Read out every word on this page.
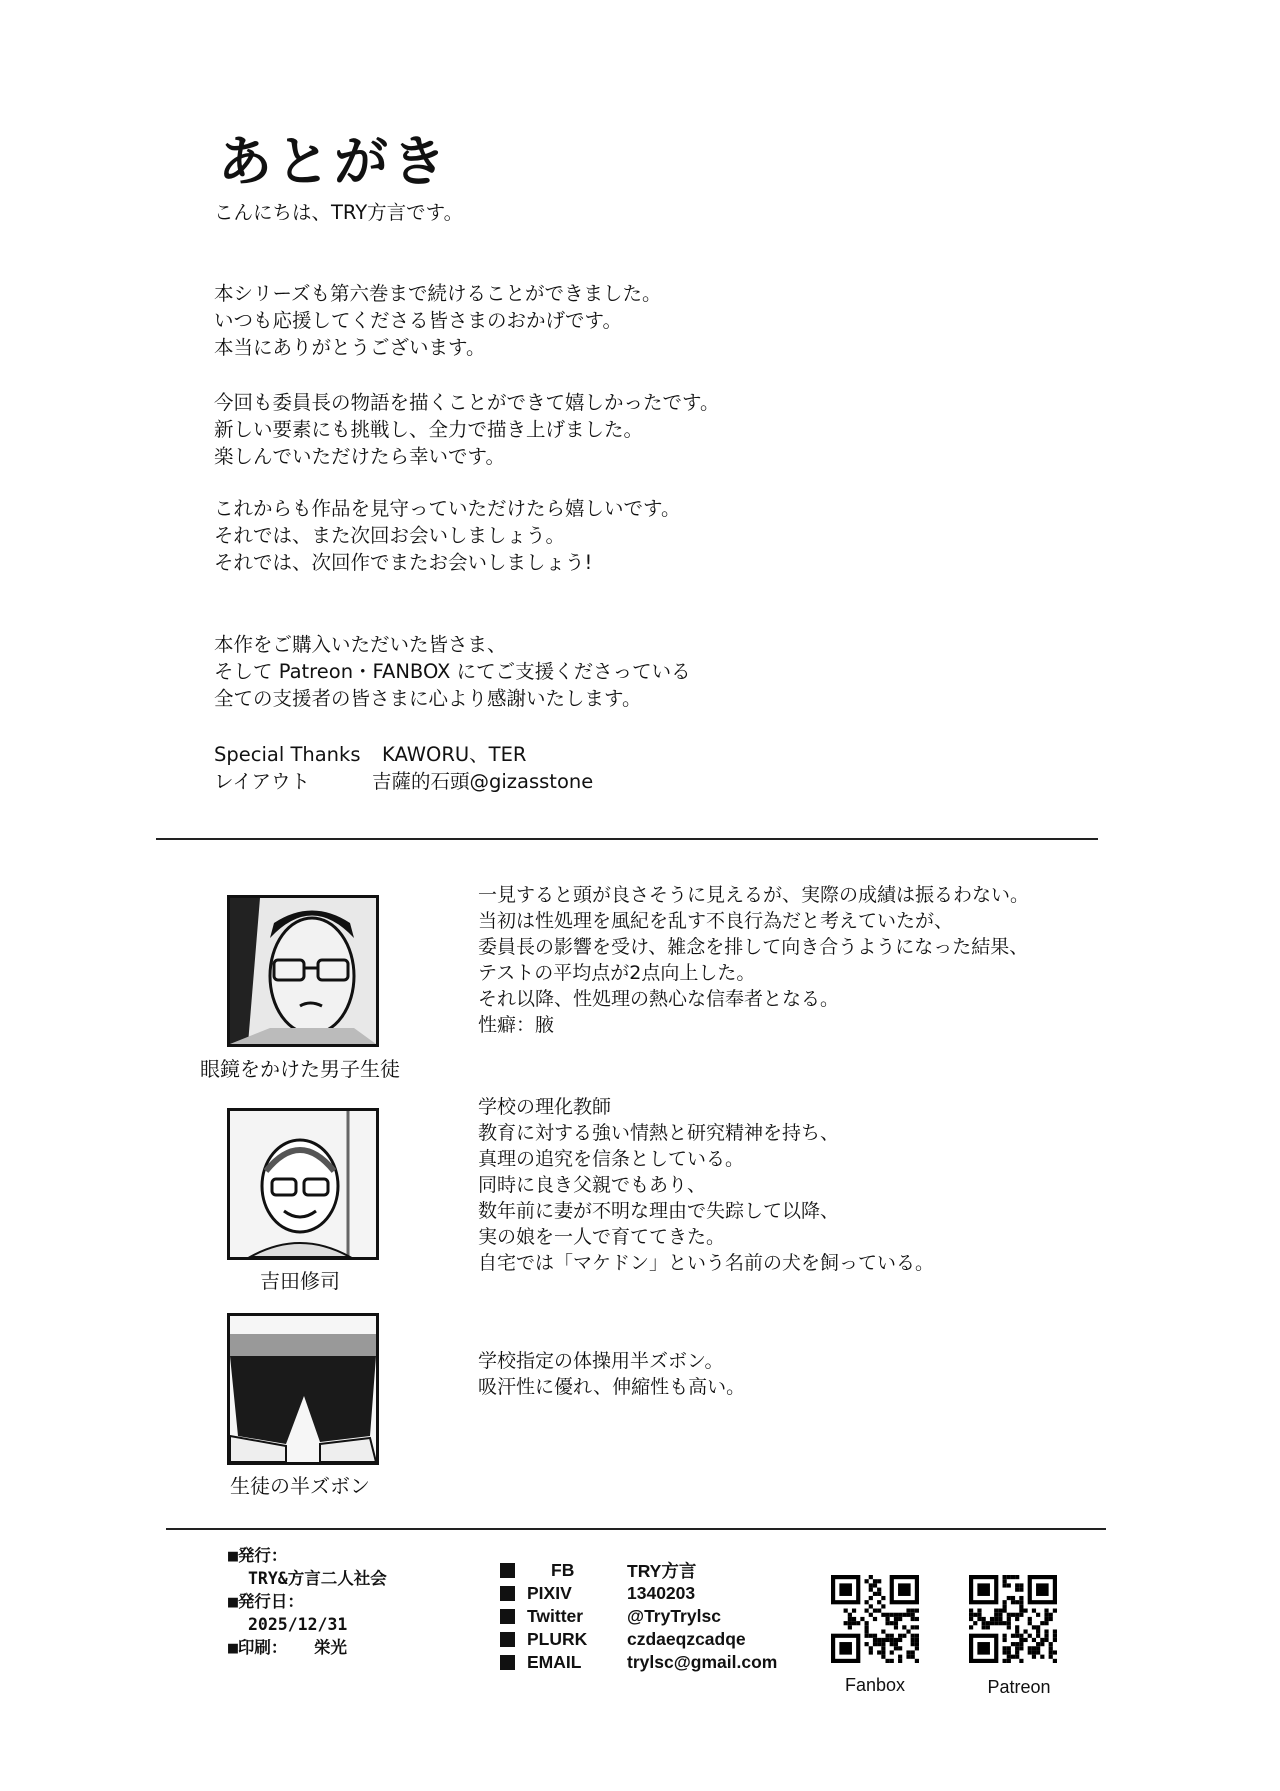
あとがき
こんにちは、TRY方言です。
本シリーズも第六巻まで続けることができました。
いつも応援してくださる皆さまのおかげです。
本当にありがとうございます。
今回も委員長の物語を描くことができて嬉しかったです。
新しい要素にも挑戦し、全力で描き上げました。
楽しんでいただけたら幸いです。
これからも作品を見守っていただけたら嬉しいです。
それでは、また次回お会いしましょう。
それでは、次回作でまたお会いしましょう!
本作をご購入いただいた皆さま、
そして Patreon・FANBOX にてご支援くださっている
全ての支援者の皆さまに心より感謝いたします。
Special Thanks KAWORU、TER
レイアウト	吉薩的石頭@gizasstone
眼鏡をかけた男子生徒
一見すると頭が良さそうに見えるが、実際の成績は振るわない。
当初は性処理を風紀を乱す不良行為だと考えていたが、
委員長の影響を受け、雑念を排して向き合うようになった結果、
テストの平均点が2点向上した。
それ以降、性処理の熱心な信奉者となる。
性癖：腋
吉田修司
学校の理化教師
教育に対する強い情熱と研究精神を持ち、
真理の追究を信条としている。
同時に良き父親でもあり、
数年前に妻が不明な理由で失踪して以降、
実の娘を一人で育ててきた。
自宅では「マケドン」という名前の犬を飼っている。
生徒の半ズボン
学校指定の体操用半ズボン。
吸汗性に優れ、伸縮性も高い。
■発行：
TRY&方言二人社会
■発行日：
2025/12/31
■印刷： 栄光
FB	TRY方言
PIXIV	1340203
Twitter	@TryTrylsc
PLURK	czdaeqzcadqe
EMAIL	trylsc@gmail.com
Fanbox	Patreon
